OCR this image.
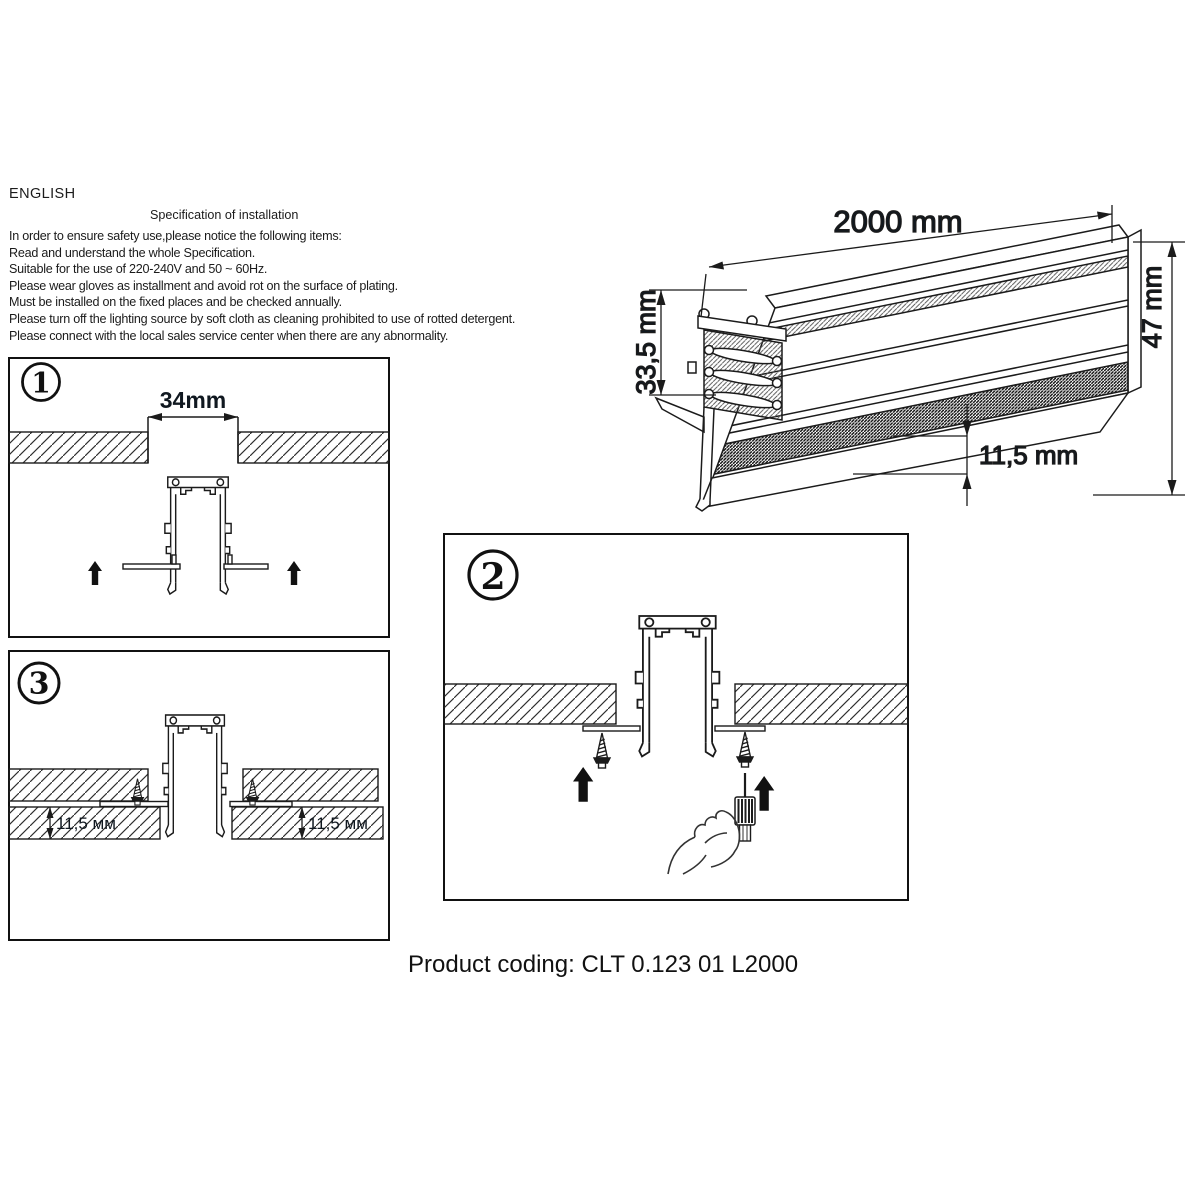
ENGLISH
Specification of installation
In order to ensure safety use,please notice the following items:
Read and understand the whole Specification.
Suitable for the use of 220-240V and 50 ~ 60Hz.
Please wear gloves as installment and avoid rot on the surface of plating.
Must be installed on the fixed places and be checked annually.
Please turn off the lighting source by soft cloth as cleaning prohibited to use of rotted detergent.
Please connect with the local sales service center when there are any abnormality.
2000 mm
47 mm
33,5 mm
11,5 mm
1
34mm
3
11,5 мм	11,5 мм
2
Product coding: CLT 0.123 01 L2000
